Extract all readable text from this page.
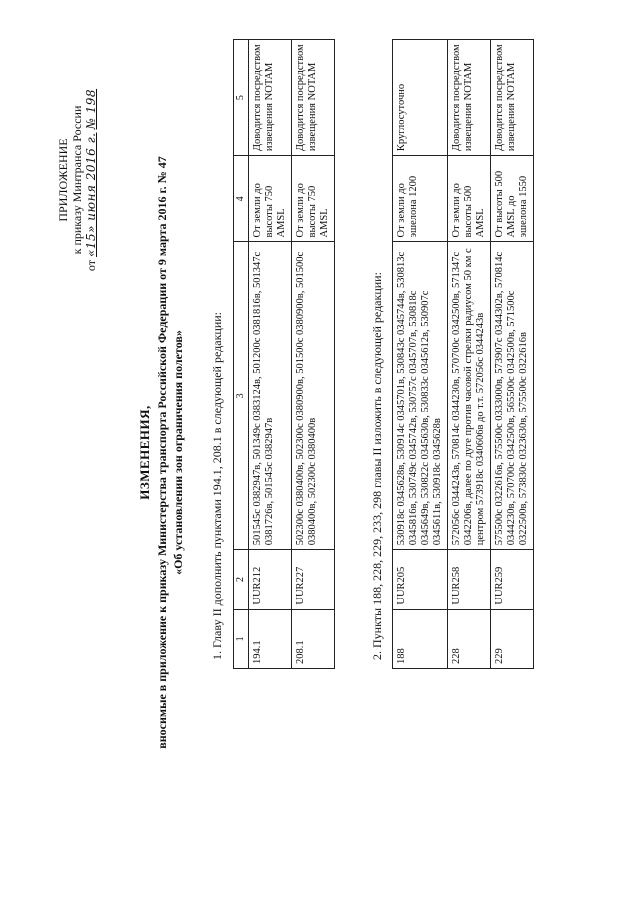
ПРИЛОЖЕНИЕ к приказу Минтранса России
от «15» июня 2016 г. № 198
ИЗМЕНЕНИЯ, вносимые в приложение к приказу Министерства транспорта Российской Федерации от 9 марта 2016 г. № 47 «Об установлении зон ограничения полетов» 1. Главу II дополнить пунктами 194.1, 208.1 в следующей редакции: 1	2	3	4	5
194.1	UUR212	501545с 0382947в, 501349с 0383124в, 501200с 0381816в, 501347с 0381726в, 501545с 0382947в	От земли до высоты 750 AMSL	Доводится посредством извещения NOTAM
208.1	UUR227	502300с 0380400в, 502300с 0380900в, 501500с 0380900в, 501500с 0380400в, 502300с 0380400в	От земли до высоты 750 AMSL	Доводится посредством извещения NOTAM
2. Пункты 188, 228, 229, 233, 298 главы II изложить в следующей редакции: 188	UUR205	530918с 0345628в, 530914с 0345701в, 530843с 0345744в, 530813с 0345816в, 530749с 0345742в, 530757с 0345707в, 530818с 0345649в, 530822с 0345630в, 530833с 0345612в, 530907с 0345611в, 530918с 0345628в	От земли до эшелона 1200	Круглосуточно
228	UUR258	572056с 0344243в, 570814с 0344230в, 570700с 0342500в, 571347с 0342206в, далее по дуге против часовой стрелки радиусом 50 км с центром 573918с 0340606в до т.т. 572056с 0344243в	От земли до высоты 500 AMSL	Доводится посредством извещения NOTAM
229	UUR259	575500с 0322616в, 575500с 0333000в, 573907с 0344302в, 570814с 0344230в, 570700с 0342500в, 565500с 0342500в, 571500с 0322500в, 573830с 0323630в, 575500с 0322616в	От высоты 500 AMSL до эшелона 1550	Доводится посредством извещения NOTAM
